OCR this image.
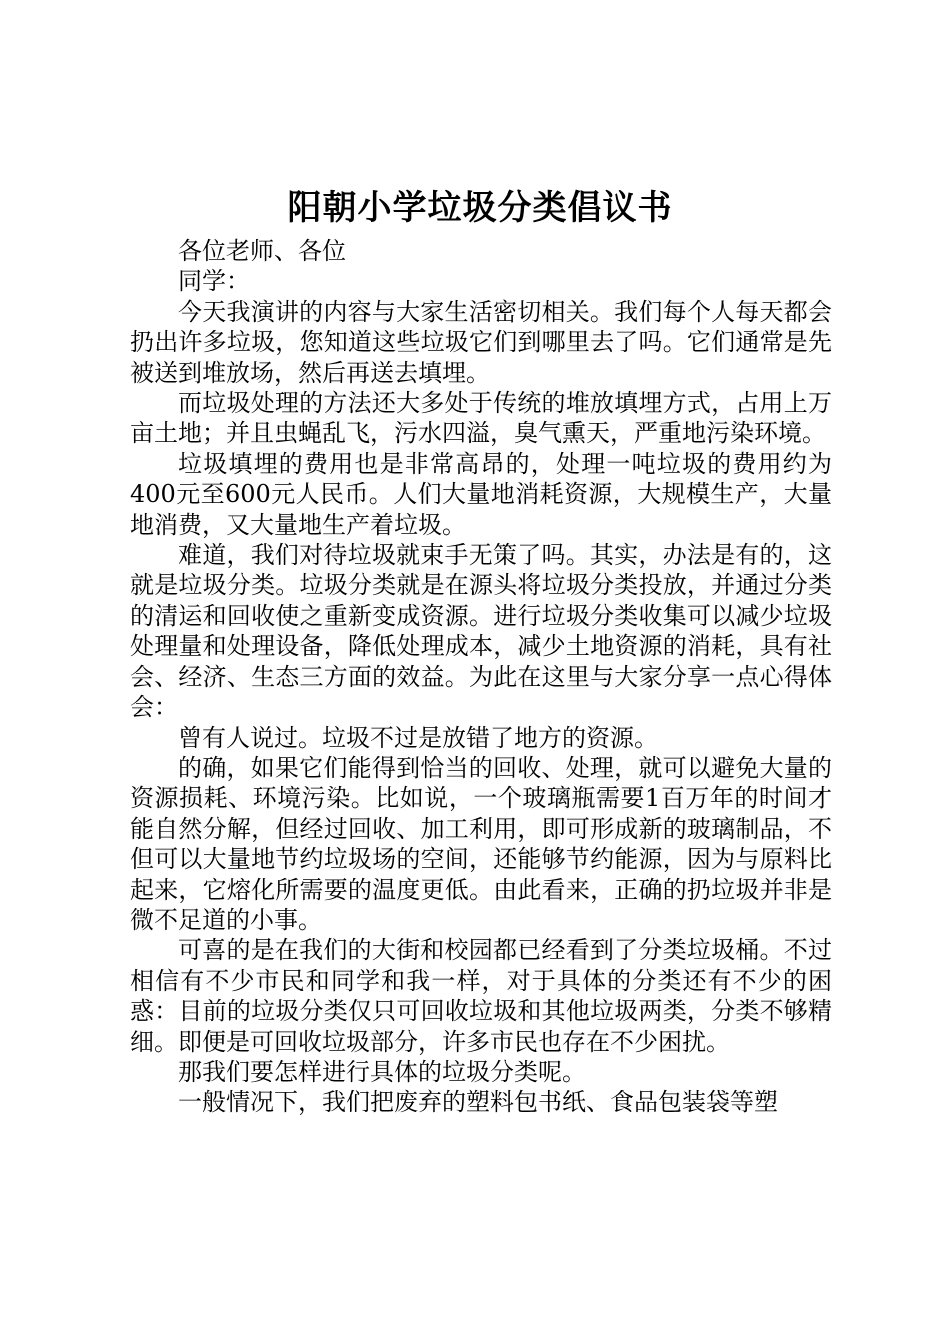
阳朝小学垃圾分类倡议书
各位老师、各位
同学：

今天我演讲的内容与大家生活密切相关。我们每个人每天都会扔出许多垃圾，您知道这些垃圾它们到哪里去了吗。它们通常是先被送到堆放场，然后再送去填埋。

而垃圾处理的方法还大多处于传统的堆放填埋方式，占用上万亩土地；并且虫蝇乱飞，污水四溢，臭气熏天，严重地污染环境。

垃圾填埋的费用也是非常高昂的，处理一吨垃圾的费用约为400元至600元人民币。人们大量地消耗资源，大规模生产，大量地消费，又大量地生产着垃圾。

难道，我们对待垃圾就束手无策了吗。其实，办法是有的，这就是垃圾分类。垃圾分类就是在源头将垃圾分类投放，并通过分类的清运和回收使之重新变成资源。进行垃圾分类收集可以减少垃圾处理量和处理设备，降低处理成本，减少土地资源的消耗，具有社会、经济、生态三方面的效益。为此在这里与大家分享一点心得体会：

曾有人说过。垃圾不过是放错了地方的资源。

的确，如果它们能得到恰当的回收、处理，就可以避免大量的资源损耗、环境污染。比如说，一个玻璃瓶需要1百万年的时间才能自然分解，但经过回收、加工利用，即可形成新的玻璃制品，不但可以大量地节约垃圾场的空间，还能够节约能源，因为与原料比起来，它熔化所需要的温度更低。由此看来，正确的扔垃圾并非是微不足道的小事。

可喜的是在我们的大街和校园都已经看到了分类垃圾桶。不过相信有不少市民和同学和我一样，对于具体的分类还有不少的困惑：目前的垃圾分类仅只可回收垃圾和其他垃圾两类，分类不够精细。即便是可回收垃圾部分，许多市民也存在不少困扰。

那我们要怎样进行具体的垃圾分类呢。

一般情况下，我们把废弃的塑料包书纸、食品包装袋等塑
